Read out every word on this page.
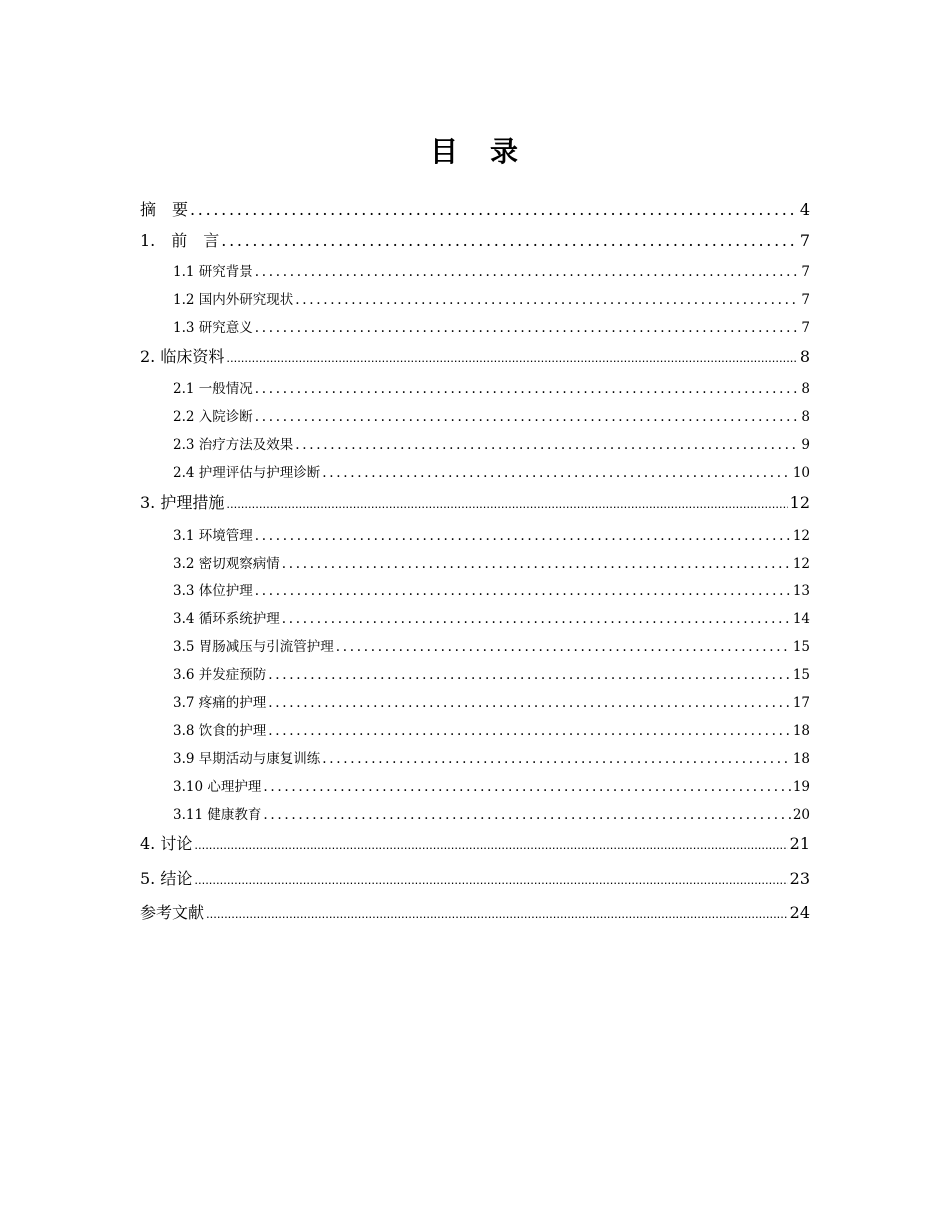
目　录
摘　要 .....	4
1.　前　言 .....	7
1.1 研究背景 .....	7
1.2 国内外研究现状 .....	7
1.3 研究意义 .....	7
2. 临床资料 .....	8
2.1 一般情况 .....	8
2.2 入院诊断 .....	8
2.3 治疗方法及效果 .....	9
2.4 护理评估与护理诊断 .....	10
3. 护理措施 .....	12
3.1 环境管理 .....	12
3.2 密切观察病情 .....	12
3.3 体位护理 .....	13
3.4 循环系统护理 .....	14
3.5 胃肠减压与引流管护理 .....	15
3.6 并发症预防 .....	15
3.7 疼痛的护理 .....	17
3.8 饮食的护理 .....	18
3.9 早期活动与康复训练 .....	18
3.10 心理护理 .....	19
3.11 健康教育 .....	20
4. 讨论 .....	21
5. 结论 .....	23
参考文献 .....	24
